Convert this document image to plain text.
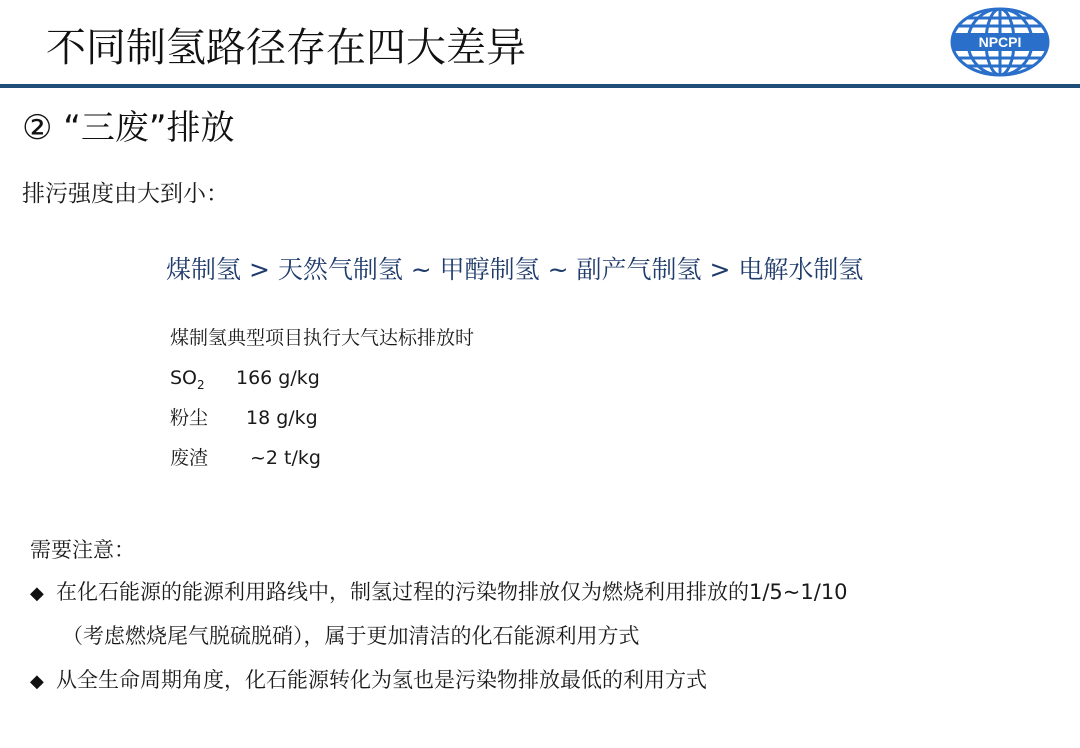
不同制氢路径存在四大差异	NPCPI
② “三废”排放
排污强度由大到小：
煤制氢 > 天然气制氢 ~ 甲醇制氢 ~ 副产气制氢 > 电解水制氢
煤制氢典型项目执行大气达标排放时
$SO_2$ 166 g/kg
粉尘 18 g/kg
废渣 ~2 t/kg
需要注意：
◆ 在化石能源的能源利用路线中，制氢过程的污染物排放仅为燃烧利用排放的1/5~1/10
（考虑燃烧尾气脱硫脱硝），属于更加清洁的化石能源利用方式
◆ 从全生命周期角度，化石能源转化为氢也是污染物排放最低的利用方式
